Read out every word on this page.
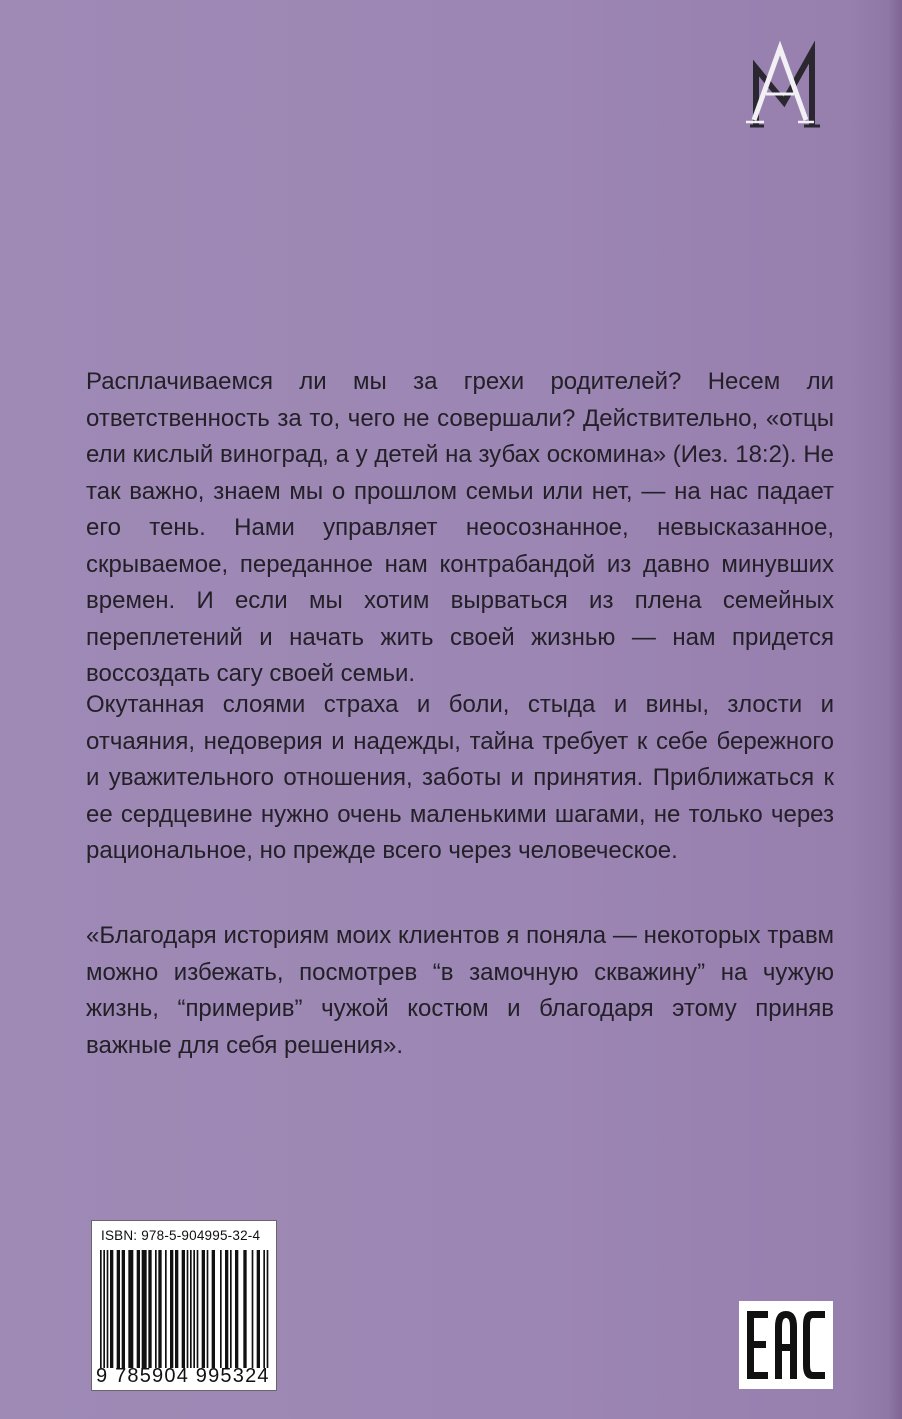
Расплачиваемся ли мы за грехи родителей? Несем ли ответственность за то, чего не совершали? Действительно, «отцы ели кислый виноград, а у детей на зубах оскомина» (Иез. 18:2). Не так важно, знаем мы о прошлом семьи или нет, — на нас падает его тень. Нами управляет неосознанное, невысказанное, скрываемое, переданное нам контрабандой из давно минувших времен. И если мы хотим вырваться из плена семейных переплетений и начать жить своей жизнью — нам придется воссоздать сагу своей семьи.

Окутанная слоями страха и боли, стыда и вины, злости и отчаяния, недоверия и надежды, тайна требует к себе бережного и уважительного отношения, заботы и принятия. Приближаться к ее сердцевине нужно очень маленькими шагами, не только через рациональное, но прежде всего через человеческое.

«Благодаря историям моих клиентов я поняла — некоторых травм можно избежать, посмотрев “в замочную скважину” на чужую жизнь, “примерив” чужой костюм и благодаря этому приняв важные для себя решения».

ISBN: 978-5-904995-32-4
9 785904 995324
